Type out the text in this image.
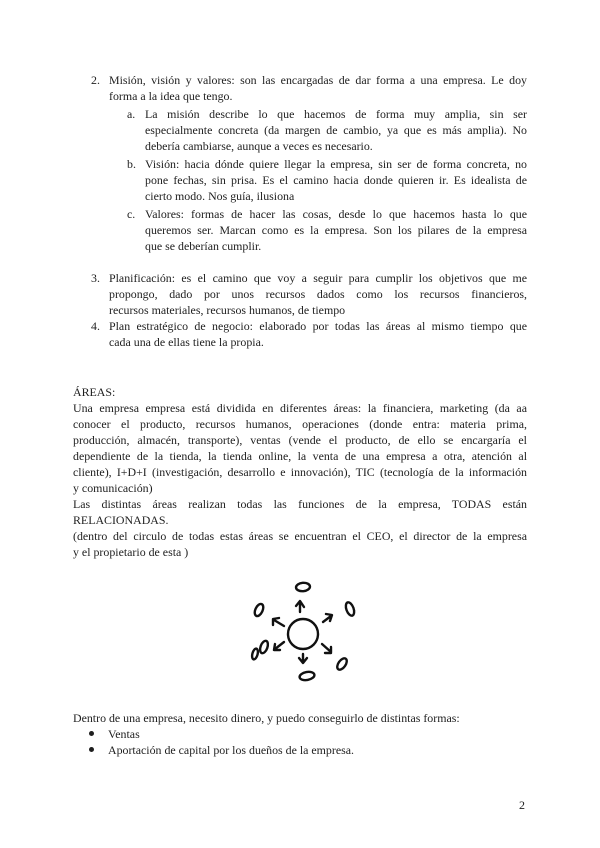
2. Misión, visión y valores: son las encargadas de dar forma a una empresa. Le doy
forma a la idea que tengo.
a. La misión describe lo que hacemos de forma muy amplia, sin ser
especialmente concreta (da margen de cambio, ya que es más amplia). No
debería cambiarse, aunque a veces es necesario.
b. Visión: hacia dónde quiere llegar la empresa, sin ser de forma concreta, no
pone fechas, sin prisa. Es el camino hacia donde quieren ir. Es idealista de
cierto modo. Nos guía, ilusiona
c. Valores: formas de hacer las cosas, desde lo que hacemos hasta lo que
queremos ser. Marcan como es la empresa. Son los pilares de la empresa
que se deberían cumplir.
3. Planificación: es el camino que voy a seguir para cumplir los objetivos que me
propongo, dado por unos recursos dados como los recursos financieros,
recursos materiales, recursos humanos, de tiempo
4. Plan estratégico de negocio: elaborado por todas las áreas al mismo tiempo que
cada una de ellas tiene la propia.
ÁREAS:
Una empresa empresa está dividida en diferentes áreas: la financiera, marketing (da aa
conocer el producto, recursos humanos, operaciones (donde entra: materia prima,
producción, almacén, transporte), ventas (vende el producto, de ello se encargaría el
dependiente de la tienda, la tienda online, la venta de una empresa a otra, atención al
cliente), I+D+I (investigación, desarrollo e innovación), TIC (tecnología de la información
y comunicación)
Las distintas áreas realizan todas las funciones de la empresa, TODAS están
RELACIONADAS.
(dentro del circulo de todas estas áreas se encuentran el CEO, el director de la empresa
y el propietario de esta )
Dentro de una empresa, necesito dinero, y puedo conseguirlo de distintas formas:
Ventas
Aportación de capital por los dueños de la empresa.
2
